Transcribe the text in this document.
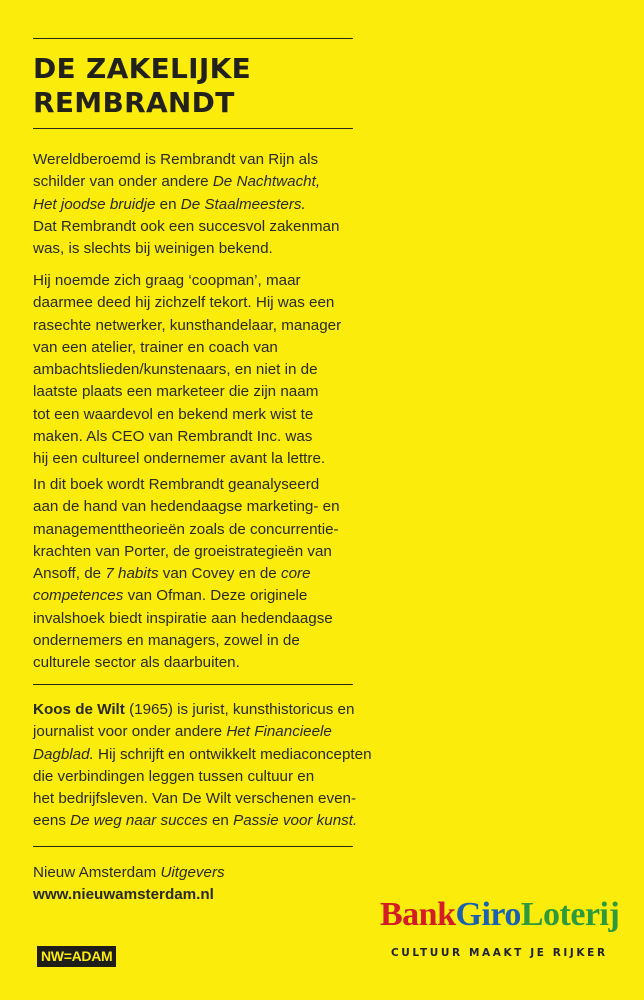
DE ZAKELIJKE
REMBRANDT
Wereldberoemd is Rembrandt van Rijn als
schilder van onder andere De Nachtwacht,
Het joodse bruidje en De Staalmeesters.
Dat Rembrandt ook een succesvol zakenman
was, is slechts bij weinigen bekend.
Hij noemde zich graag ‘coopman’, maar
daarmee deed hij zichzelf tekort. Hij was een
rasechte netwerker, kunsthandelaar, manager
van een atelier, trainer en coach van
ambachtslieden/kunstenaars, en niet in de
laatste plaats een marketeer die zijn naam
tot een waardevol en bekend merk wist te
maken. Als CEO van Rembrandt Inc. was
hij een cultureel ondernemer avant la lettre.
In dit boek wordt Rembrandt geanalyseerd
aan de hand van hedendaagse marketing- en
managementtheorieën zoals de concurrentie-
krachten van Porter, de groeistrategieën van
Ansoff, de 7 habits van Covey en de core
competences van Ofman. Deze originele
invalshoek biedt inspiratie aan hedendaagse
ondernemers en managers, zowel in de
culturele sector als daarbuiten.
Koos de Wilt (1965) is jurist, kunsthistoricus en
journalist voor onder andere Het Financieele
Dagblad. Hij schrijft en ontwikkelt mediaconcepten
die verbindingen leggen tussen cultuur en
het bedrijfsleven. Van De Wilt verschenen even-
eens De weg naar succes en Passie voor kunst.
Nieuw Amsterdam Uitgevers
www.nieuwamsterdam.nl
NW=ADAM
BankGiroLoterij
CULTUUR MAAKT JE RIJKER
